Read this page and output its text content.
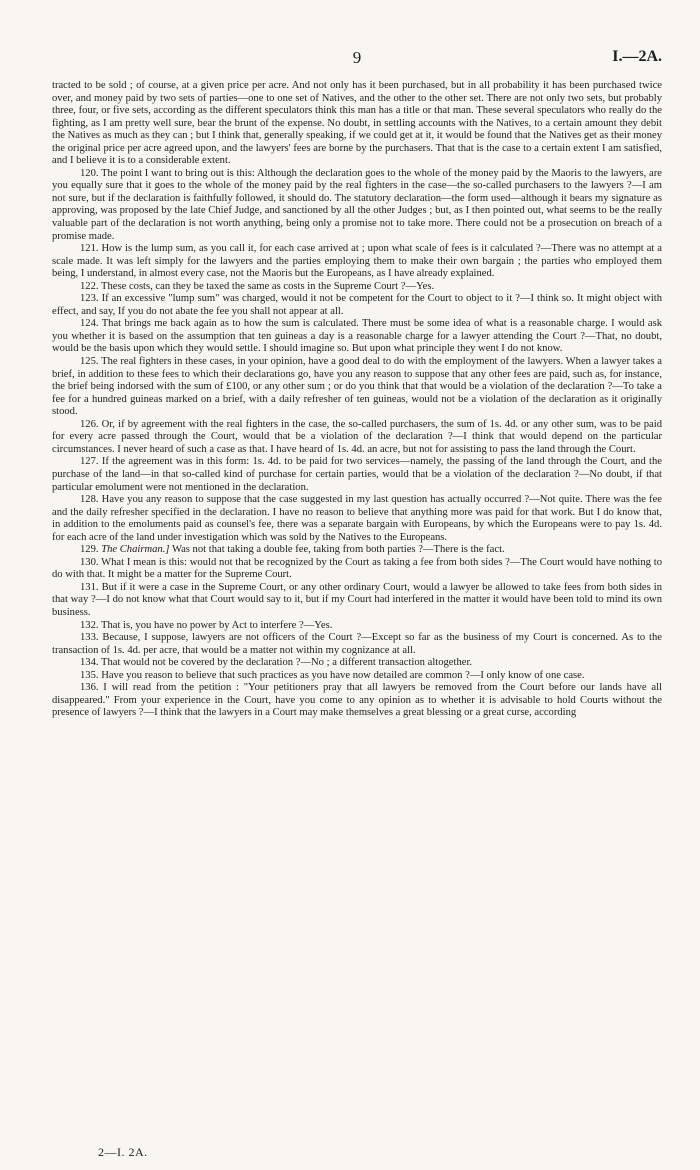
9	I.—2A.

tracted to be sold ; of course, at a given price per acre. And not only has it been purchased, but in all probability it has been purchased twice over, and money paid by two sets of parties—one to one set of Natives, and the other to the other set. There are not only two sets, but probably three, four, or five sets, according as the different speculators think this man has a title or that man. These several speculators who really do the fighting, as I am pretty well sure, bear the brunt of the expense. No doubt, in settling accounts with the Natives, to a certain amount they debit the Natives as much as they can ; but I think that, generally speaking, if we could get at it, it would be found that the Natives get as their money the original price per acre agreed upon, and the lawyers' fees are borne by the purchasers. That that is the case to a certain extent I am satisfied, and I believe it is to a considerable extent.

120. The point I want to bring out is this: Although the declaration goes to the whole of the money paid by the Maoris to the lawyers, are you equally sure that it goes to the whole of the money paid by the real fighters in the case—the so-called purchasers to the lawyers ?—I am not sure, but if the declaration is faithfully followed, it should do. The statutory declaration—the form used—although it bears my signature as approving, was proposed by the late Chief Judge, and sanctioned by all the other Judges ; but, as I then pointed out, what seems to be the really valuable part of the declaration is not worth anything, being only a promise not to take more. There could not be a prosecution on breach of a promise made.

121. How is the lump sum, as you call it, for each case arrived at ; upon what scale of fees is it calculated ?—There was no attempt at a scale made. It was left simply for the lawyers and the parties employing them to make their own bargain ; the parties who employed them being, I understand, in almost every case, not the Maoris but the Europeans, as I have already explained.

122. These costs, can they be taxed the same as costs in the Supreme Court ?—Yes.

123. If an excessive "lump sum" was charged, would it not be competent for the Court to object to it ?—I think so. It might object with effect, and say, If you do not abate the fee you shall not appear at all.

124. That brings me back again as to how the sum is calculated. There must be some idea of what is a reasonable charge. I would ask you whether it is based on the assumption that ten guineas a day is a reasonable charge for a lawyer attending the Court ?—That, no doubt, would be the basis upon which they would settle. I should imagine so. But upon what principle they went I do not know.

125. The real fighters in these cases, in your opinion, have a good deal to do with the employment of the lawyers. When a lawyer takes a brief, in addition to these fees to which their declarations go, have you any reason to suppose that any other fees are paid, such as, for instance, the brief being indorsed with the sum of £100, or any other sum ; or do you think that that would be a violation of the declaration ?—To take a fee for a hundred guineas marked on a brief, with a daily refresher of ten guineas, would not be a violation of the declaration as it originally stood.

126. Or, if by agreement with the real fighters in the case, the so-called purchasers, the sum of 1s. 4d. or any other sum, was to be paid for every acre passed through the Court, would that be a violation of the declaration ?—I think that would depend on the particular circumstances. I never heard of such a case as that. I have heard of 1s. 4d. an acre, but not for assisting to pass the land through the Court.

127. If the agreement was in this form: 1s. 4d. to be paid for two services—namely, the passing of the land through the Court, and the purchase of the land—in that so-called kind of purchase for certain parties, would that be a violation of the declaration ?—No doubt, if that particular emolument were not mentioned in the declaration.

128. Have you any reason to suppose that the case suggested in my last question has actually occurred ?—Not quite. There was the fee and the daily refresher specified in the declaration. I have no reason to believe that anything more was paid for that work. But I do know that, in addition to the emoluments paid as counsel's fee, there was a separate bargain with Europeans, by which the Europeans were to pay 1s. 4d. for each acre of the land under investigation which was sold by the Natives to the Europeans.

129. The Chairman.] Was not that taking a double fee, taking from both parties ?—There is the fact.

130. What I mean is this: would not that be recognized by the Court as taking a fee from both sides ?—The Court would have nothing to do with that. It might be a matter for the Supreme Court.

131. But if it were a case in the Supreme Court, or any other ordinary Court, would a lawyer be allowed to take fees from both sides in that way ?—I do not know what that Court would say to it, but if my Court had interfered in the matter it would have been told to mind its own business.

132. That is, you have no power by Act to interfere ?—Yes.

133. Because, I suppose, lawyers are not officers of the Court ?—Except so far as the business of my Court is concerned. As to the transaction of 1s. 4d. per acre, that would be a matter not within my cognizance at all.

134. That would not be covered by the declaration ?—No ; a different transaction altogether.

135. Have you reason to believe that such practices as you have now detailed are common ?—I only know of one case.

136. I will read from the petition : "Your petitioners pray that all lawyers be removed from the Court before our lands have all disappeared." From your experience in the Court, have you come to any opinion as to whether it is advisable to hold Courts without the presence of lawyers ?—I think that the lawyers in a Court may make themselves a great blessing or a great curse, according

2—I. 2A.
